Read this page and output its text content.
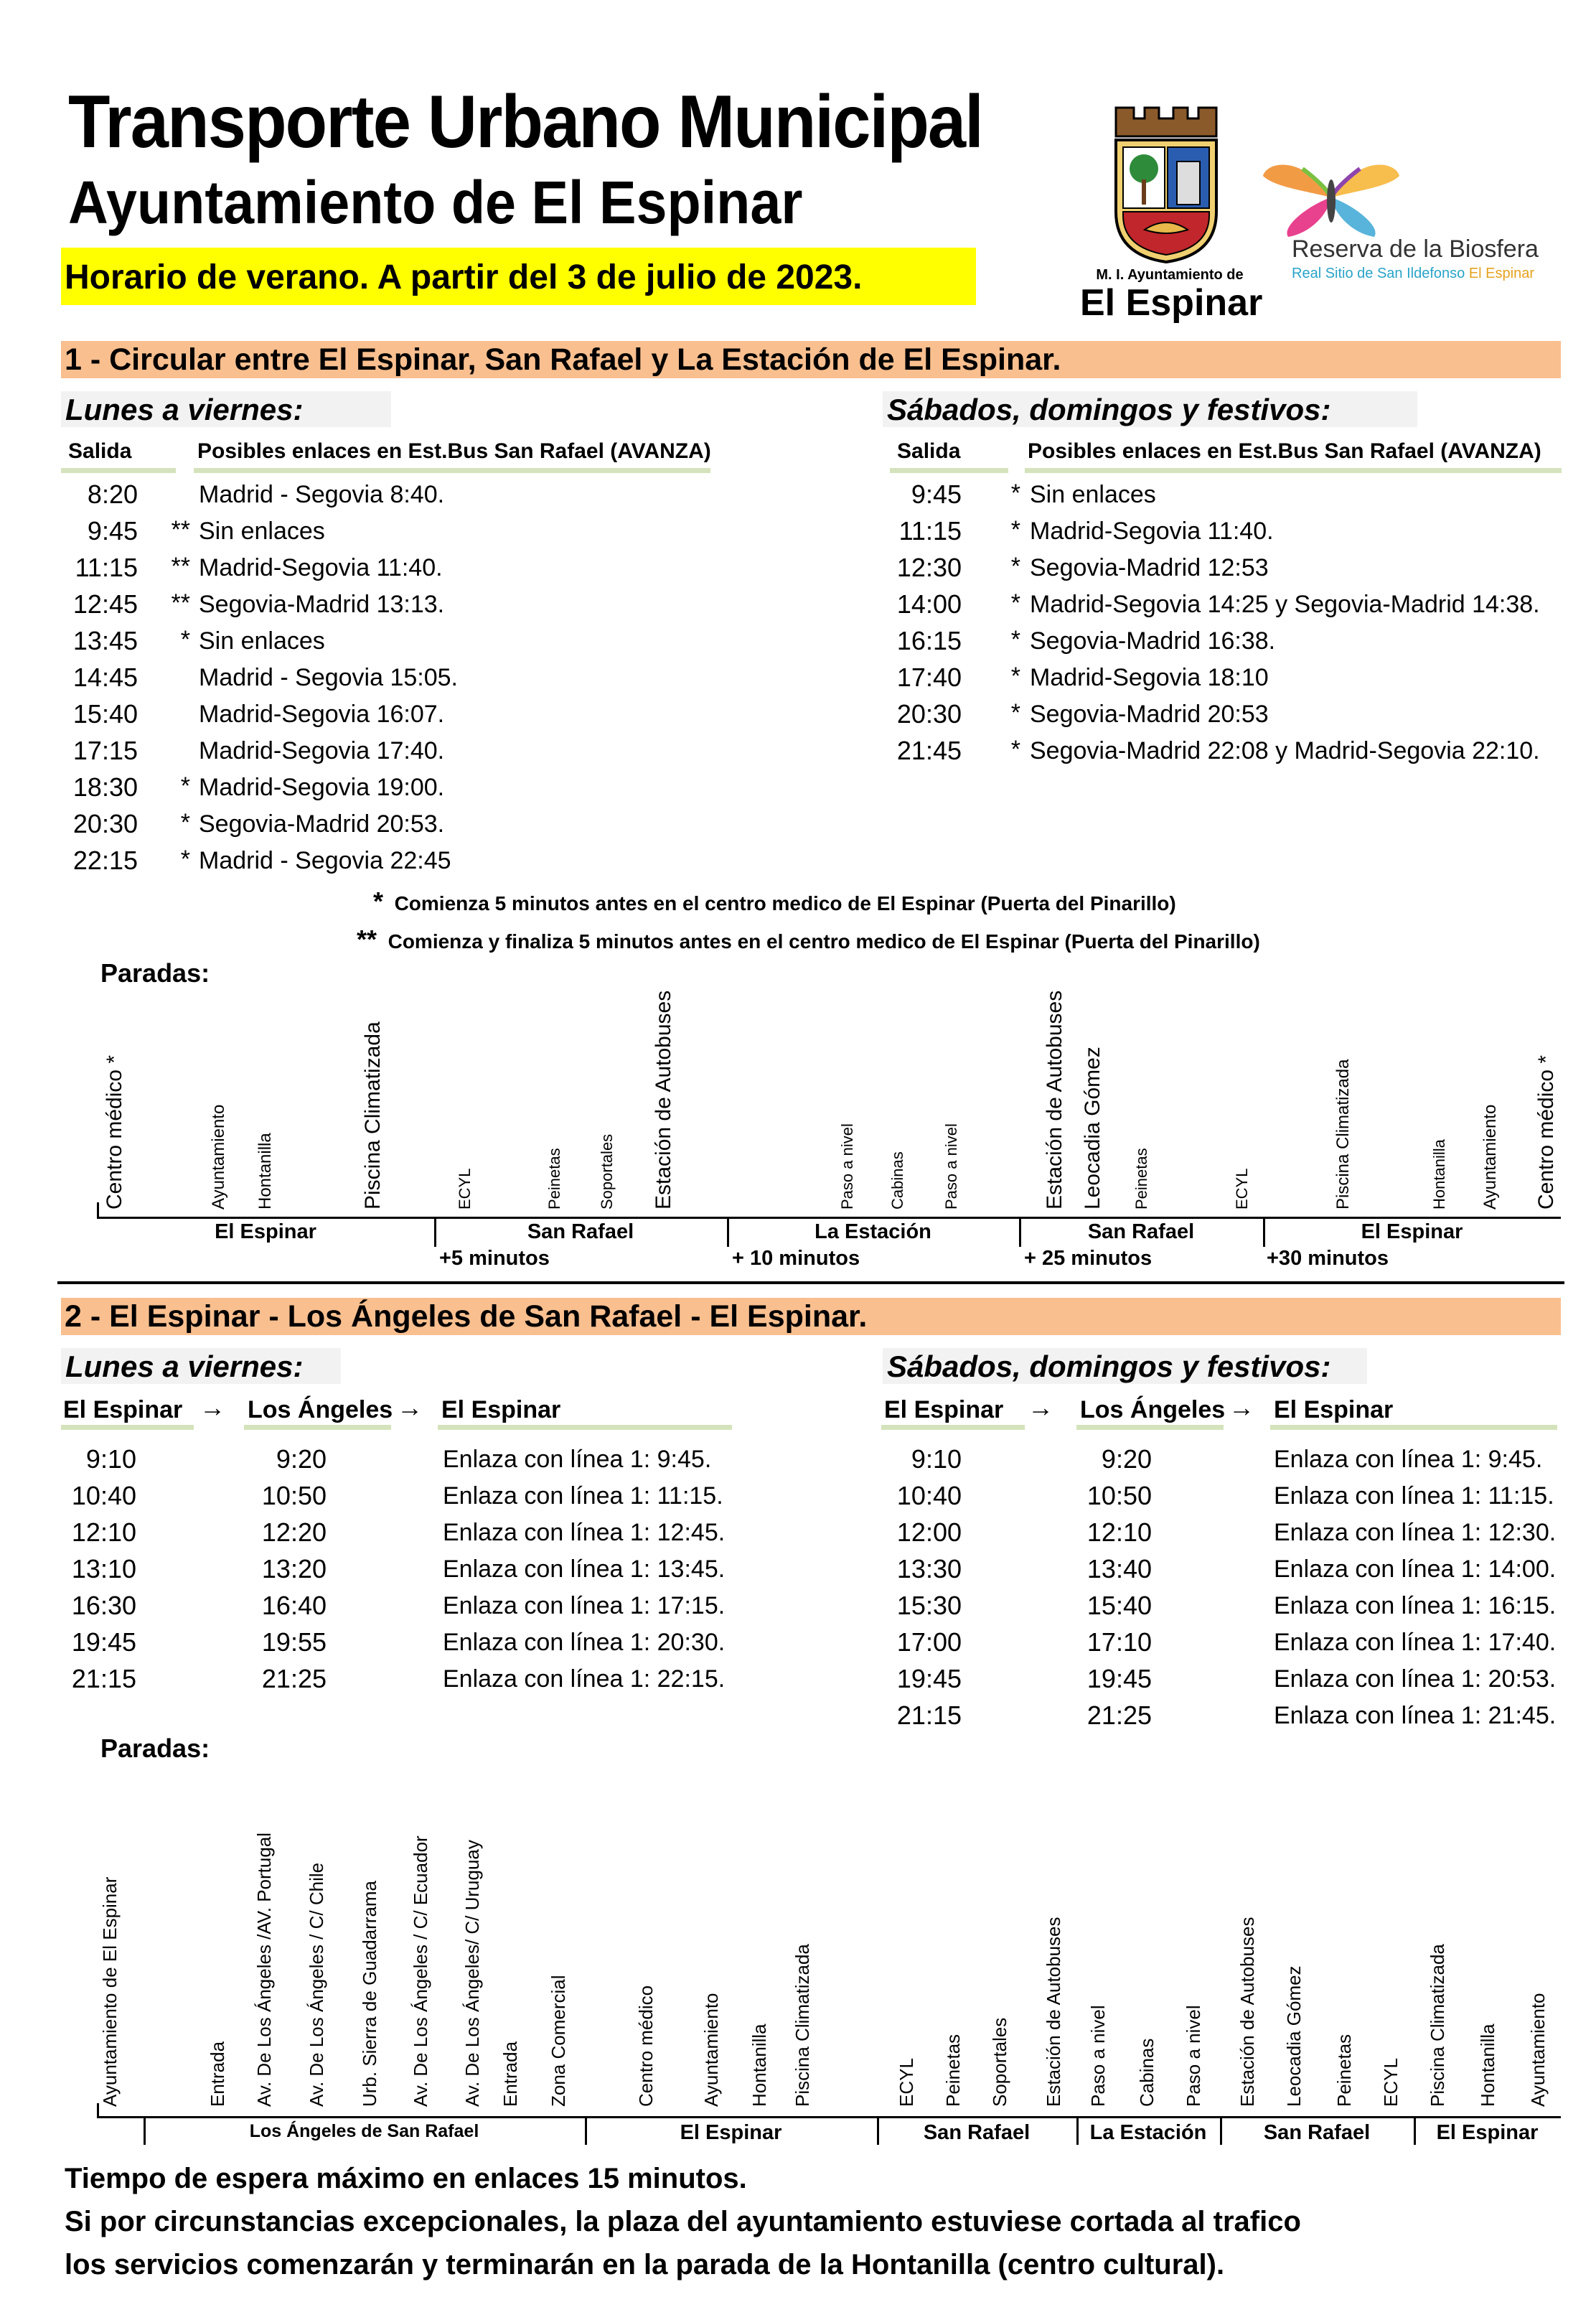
Transporte Urbano Municipal
Ayuntamiento de El Espinar
Horario de verano. A partir del 3 de julio de 2023.	M. I. Ayuntamiento de
El Espinar
Reserva de la Biosfera
Real Sitio de San Ildefonso El Espinar
1 - Circular entre El Espinar, San Rafael y La Estación de El Espinar.
Lunes a viernes:	Sábados, domingos y festivos:
Salida	Posibles enlaces en Est.Bus San Rafael (AVANZA)	Salida	Posibles enlaces en Est.Bus San Rafael (AVANZA)
8:20	Madrid - Segovia 8:40.
9:45	** Sin enlaces
11:15	** Madrid-Segovia 11:40.
12:45	** Segovia-Madrid 13:13.
13:45	* Sin enlaces
14:45	Madrid - Segovia 15:05.
15:40	Madrid-Segovia 16:07.
17:15	Madrid-Segovia 17:40.
18:30	* Madrid-Segovia 19:00.
20:30	* Segovia-Madrid 20:53.
22:15	* Madrid - Segovia 22:45
9:45	* Sin enlaces
11:15	* Madrid-Segovia 11:40.
12:30	* Segovia-Madrid 12:53
14:00	* Madrid-Segovia 14:25 y Segovia-Madrid 14:38.
16:15	* Segovia-Madrid 16:38.
17:40	* Madrid-Segovia 18:10
20:30	* Segovia-Madrid 20:53
21:45	* Segovia-Madrid 22:08 y Madrid-Segovia 22:10.
* Comienza 5 minutos antes en el centro medico de El Espinar (Puerta del Pinarillo)
** Comienza y finaliza 5 minutos antes en el centro medico de El Espinar (Puerta del Pinarillo)
Paradas:
Centro médico *	Ayuntamiento Hontanilla	Piscina Climatizada	ECYL	Peinetas Soportales Estación de Autobuses	Paso a nivel Cabinas Paso a nivel	Estación de Autobuses Leocadia Gómez Peinetas	ECYL	Piscina Climatizada	Hontanilla Ayuntamiento Centro médico *
El Espinar	San Rafael	La Estación	San Rafael	El Espinar
+5 minutos	+ 10 minutos	+ 25 minutos	+30 minutos
2 - El Espinar - Los Ángeles de San Rafael - El Espinar.
Lunes a viernes:	Sábados, domingos y festivos:
El Espinar → Los Ángeles → El Espinar	El Espinar → Los Ángeles → El Espinar
9:10	9:20	Enlaza con línea 1: 9:45.
10:40	10:50	Enlaza con línea 1: 11:15.
12:10	12:20	Enlaza con línea 1: 12:45.
13:10	13:20	Enlaza con línea 1: 13:45.
16:30	16:40	Enlaza con línea 1: 17:15.
19:45	19:55	Enlaza con línea 1: 20:30.
21:15	21:25	Enlaza con línea 1: 22:15.
9:10	9:20	Enlaza con línea 1: 9:45.
10:40	10:50	Enlaza con línea 1: 11:15.
12:00	12:10	Enlaza con línea 1: 12:30.
13:30	13:40	Enlaza con línea 1: 14:00.
15:30	15:40	Enlaza con línea 1: 16:15.
17:00	17:10	Enlaza con línea 1: 17:40.
19:45	19:45	Enlaza con línea 1: 20:53.
21:15	21:25	Enlaza con línea 1: 21:45.
Paradas:
Ayuntamiento de El Espinar	Entrada Av. De Los Ángeles /AV. Portugal Av. De Los Ángeles / C/ Chile Urb. Sierra de Guadarrama Av. De Los Ángeles / C/ Ecuador Av. De Los Ángeles/ C/ Uruguay Entrada Zona Comercial	Centro médico Ayuntamiento Hontanilla Piscina Climatizada	ECYL Peinetas Soportales Estación de Autobuses Paso a nivel Cabinas Paso a nivel Estación de Autobuses Leocadia Gómez Peinetas ECYL Piscina Climatizada Hontanilla Ayuntamiento
Los Ángeles de San Rafael	El Espinar	San Rafael	La Estación	San Rafael	El Espinar
Tiempo de espera máximo en enlaces 15 minutos.
Si por circunstancias excepcionales, la plaza del ayuntamiento estuviese cortada al trafico
los servicios comenzarán y terminarán en la parada de la Hontanilla (centro cultural).
